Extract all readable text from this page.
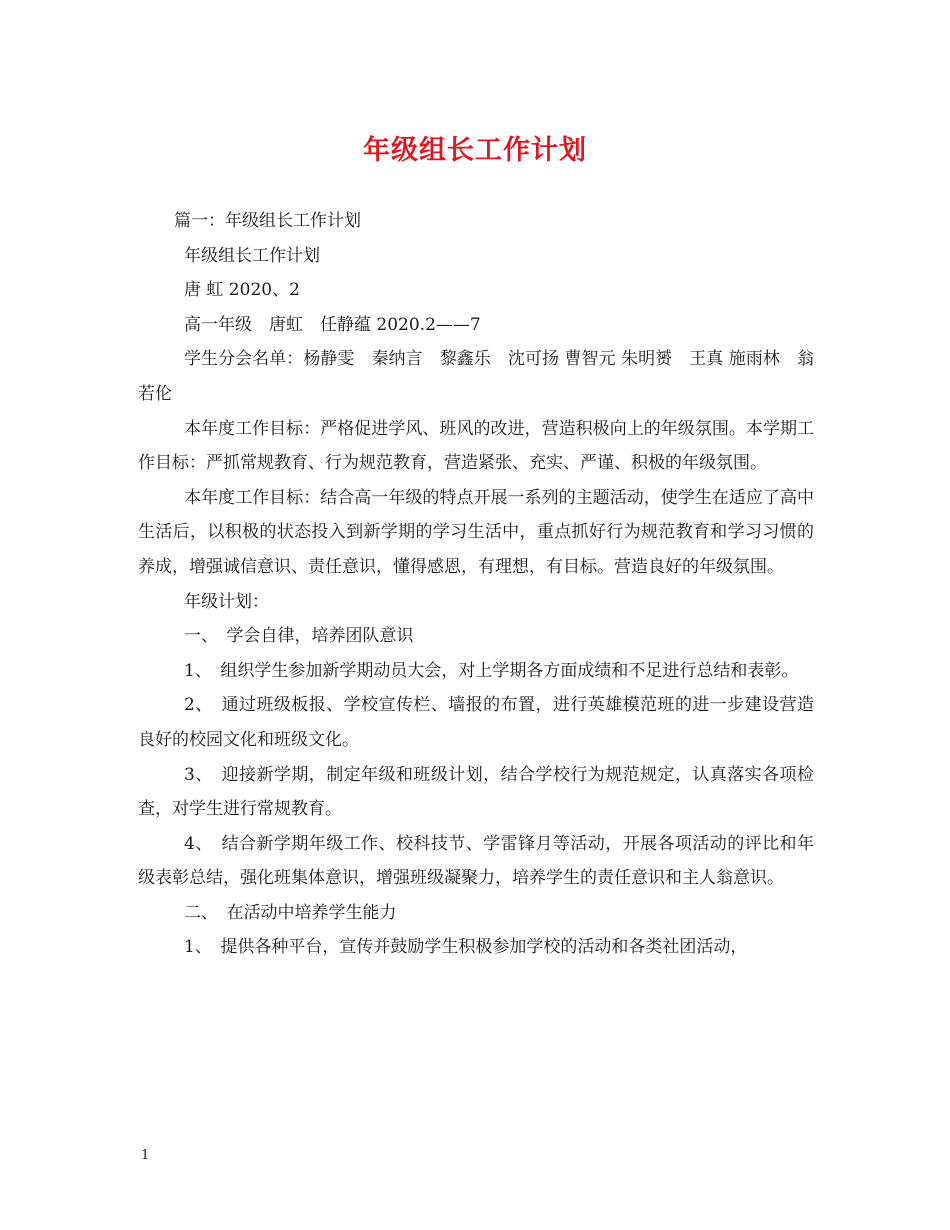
年级组长工作计划

篇一：年级组长工作计划

年级组长工作计划

唐 虹 2020、2

高一年级　唐虹　任静蕴 2020.2——7

学生分会名单：杨静雯　秦纳言　黎鑫乐　沈可扬 曹智元 朱明赟　王真 施雨林　翁若伦

本年度工作目标：严格促进学风、班风的改进，营造积极向上的年级氛围。本学期工作目标：严抓常规教育、行为规范教育，营造紧张、充实、严谨、积极的年级氛围。

本年度工作目标：结合高一年级的特点开展一系列的主题活动，使学生在适应了高中生活后，以积极的状态投入到新学期的学习生活中，重点抓好行为规范教育和学习习惯的养成，增强诚信意识、责任意识，懂得感恩，有理想，有目标。营造良好的年级氛围。

年级计划：

一、　学会自律，培养团队意识

1、　组织学生参加新学期动员大会，对上学期各方面成绩和不足进行总结和表彰。

2、　通过班级板报、学校宣传栏、墙报的布置，进行英雄模范班的进一步建设营造良好的校园文化和班级文化。

3、　迎接新学期，制定年级和班级计划，结合学校行为规范规定，认真落实各项检查，对学生进行常规教育。

4、　结合新学期年级工作、校科技节、学雷锋月等活动，开展各项活动的评比和年级表彰总结，强化班集体意识，增强班级凝聚力，培养学生的责任意识和主人翁意识。

二、　在活动中培养学生能力

1、　提供各种平台，宣传并鼓励学生积极参加学校的活动和各类社团活动，

1
